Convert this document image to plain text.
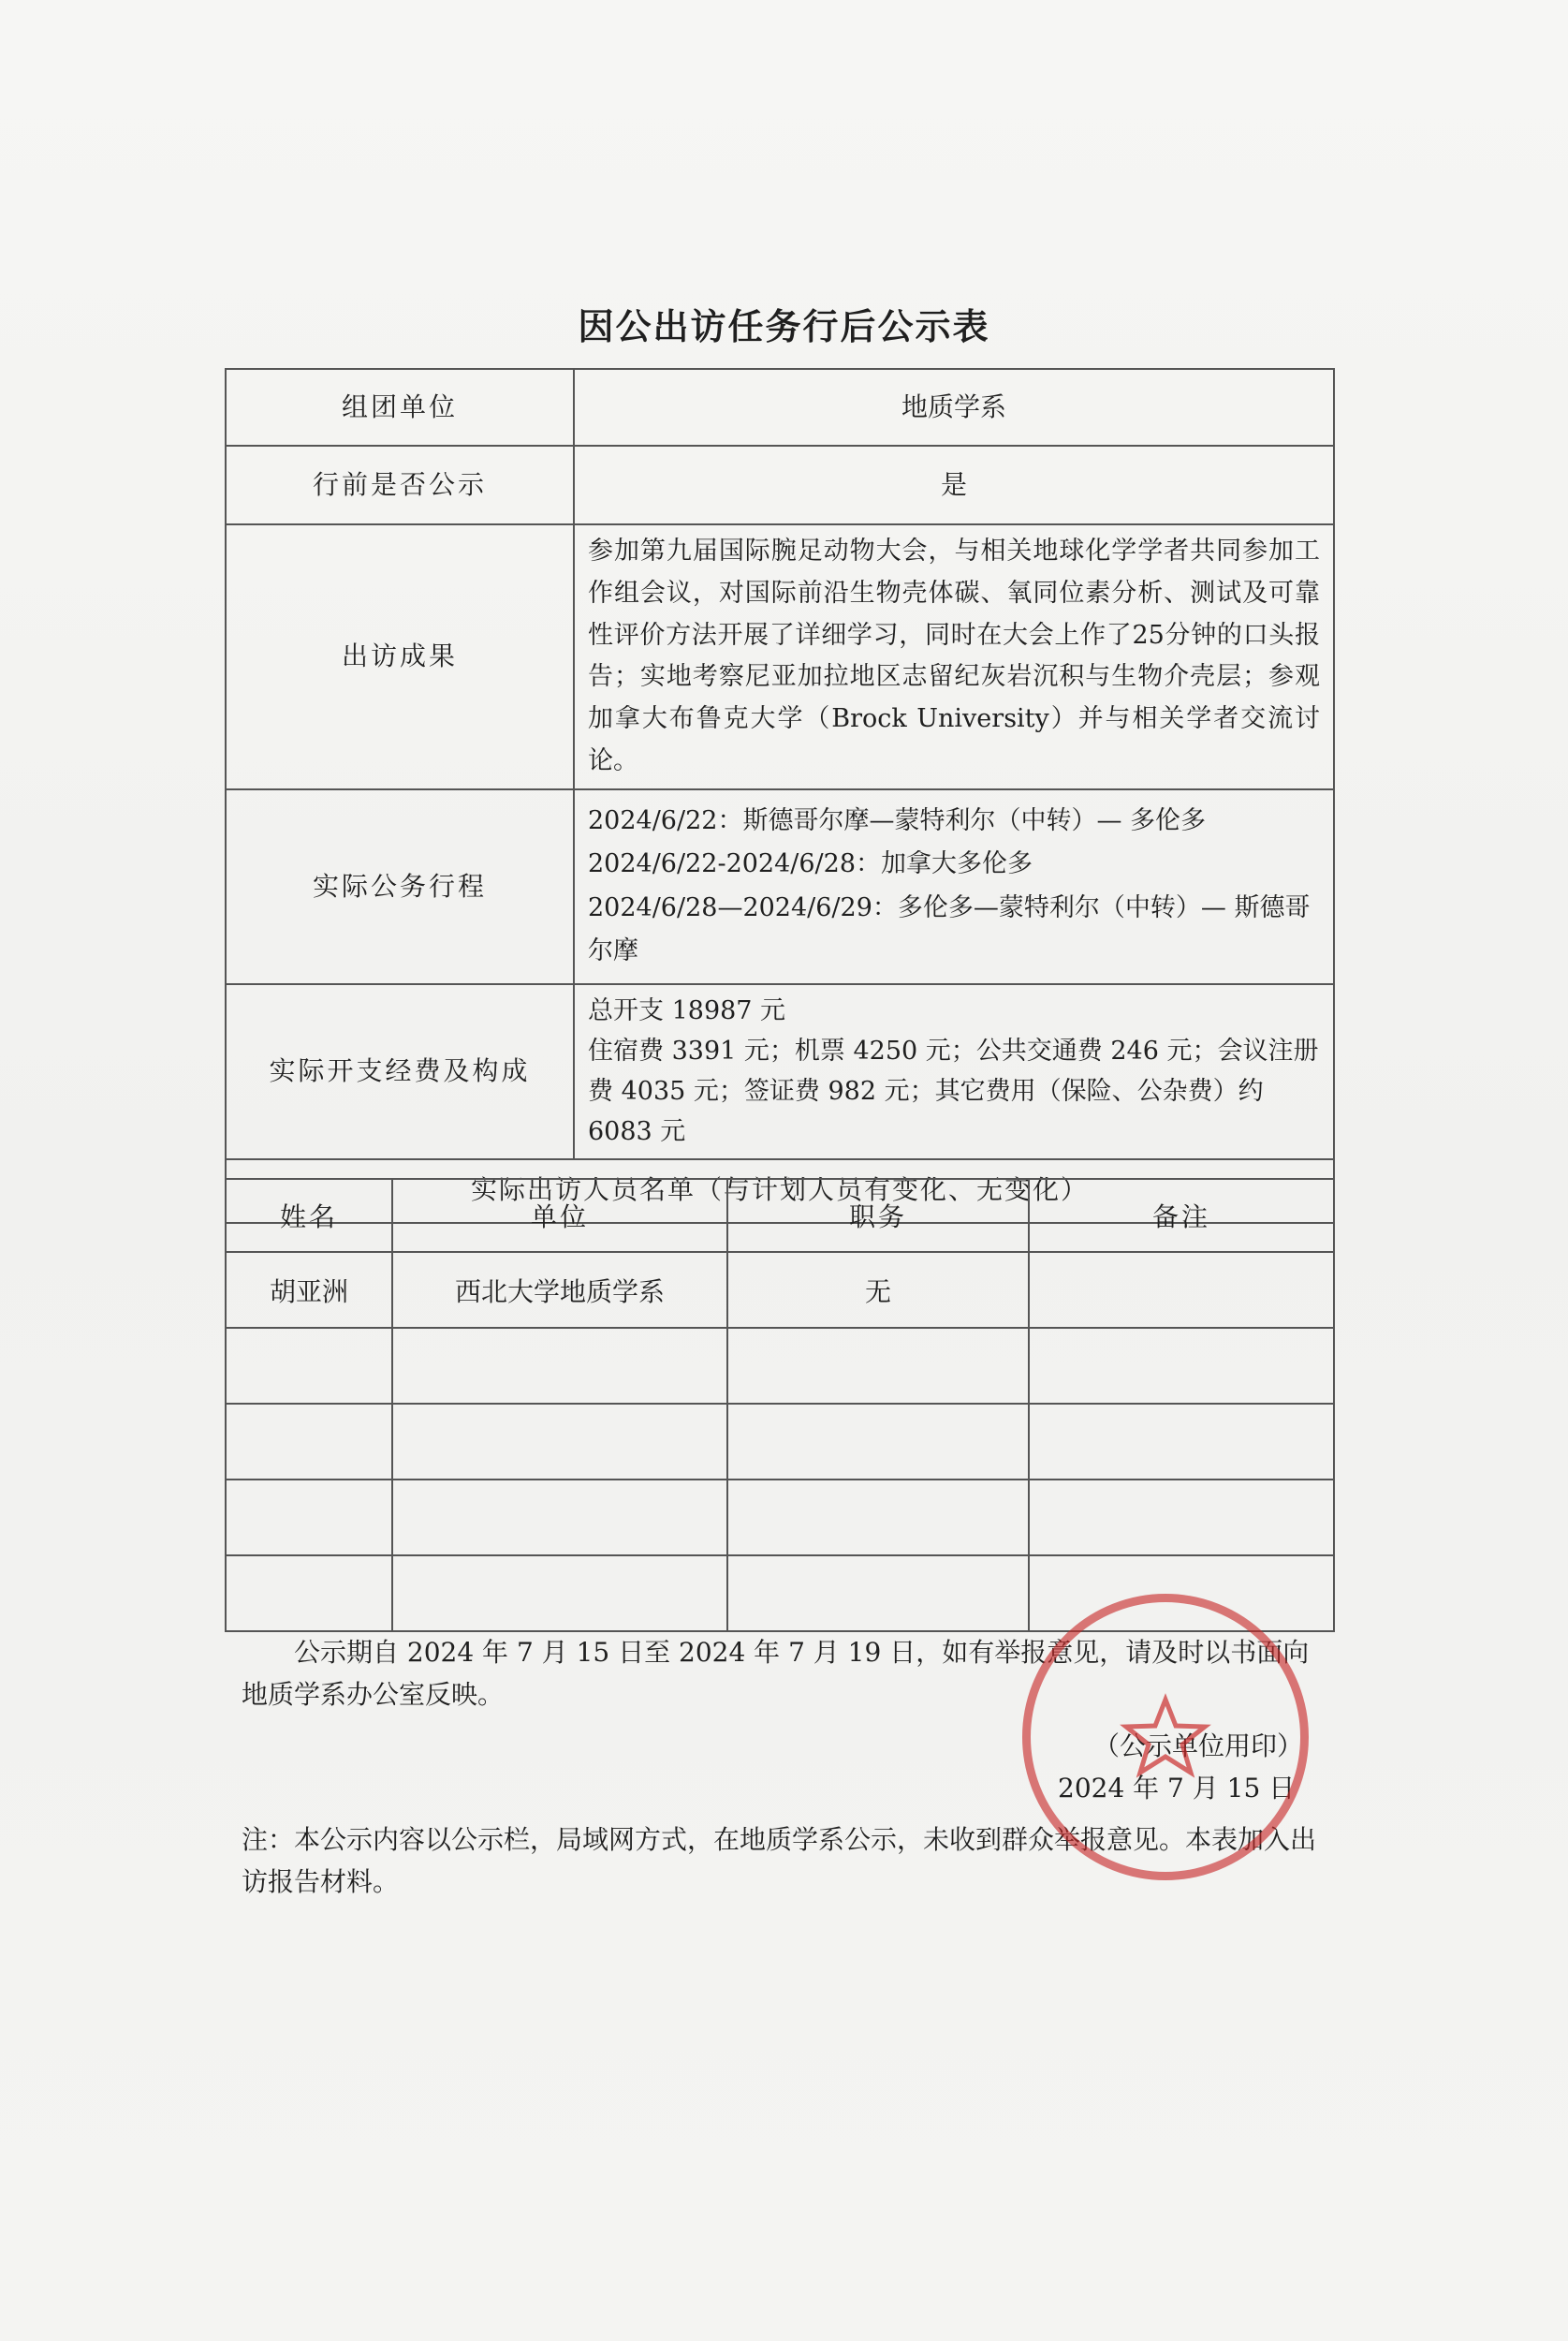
因公出访任务行后公示表
组团单位	地质学系
行前是否公示	是
出访成果	参加第九届国际腕足动物大会，与相关地球化学学者共同参加工作组会议，对国际前沿生物壳体碳、氧同位素分析、测试及可靠性评价方法开展了详细学习，同时在大会上作了25分钟的口头报告；实地考察尼亚加拉地区志留纪灰岩沉积与生物介壳层；参观加拿大布鲁克大学（Brock University）并与相关学者交流讨论。
实际公务行程	2024/6/22：斯德哥尔摩—蒙特利尔（中转）— 多伦多
2024/6/22-2024/6/28：加拿大多伦多
2024/6/28—2024/6/29：多伦多—蒙特利尔（中转）— 斯德哥尔摩

实际开支经费及构成	总开支 18987 元
住宿费 3391 元；机票 4250 元；公共交通费 246 元；会议注册费 4035 元；签证费 982 元；其它费用（保险、公杂费）约 6083 元

实际出访人员名单（与计划人员有变化、无变化）	
姓名	单位	职务	备注
胡亚洲	西北大学地质学系	无	

公示期自 2024 年 7 月 15 日至 2024 年 7 月 19 日，如有举报意见，请及时以书面向地质学系办公室反映。
（公示单位用印）
2024 年 7 月 15 日
注：本公示内容以公示栏，局域网方式，在地质学系公示，未收到群众举报意见。本表加入出访报告材料。
